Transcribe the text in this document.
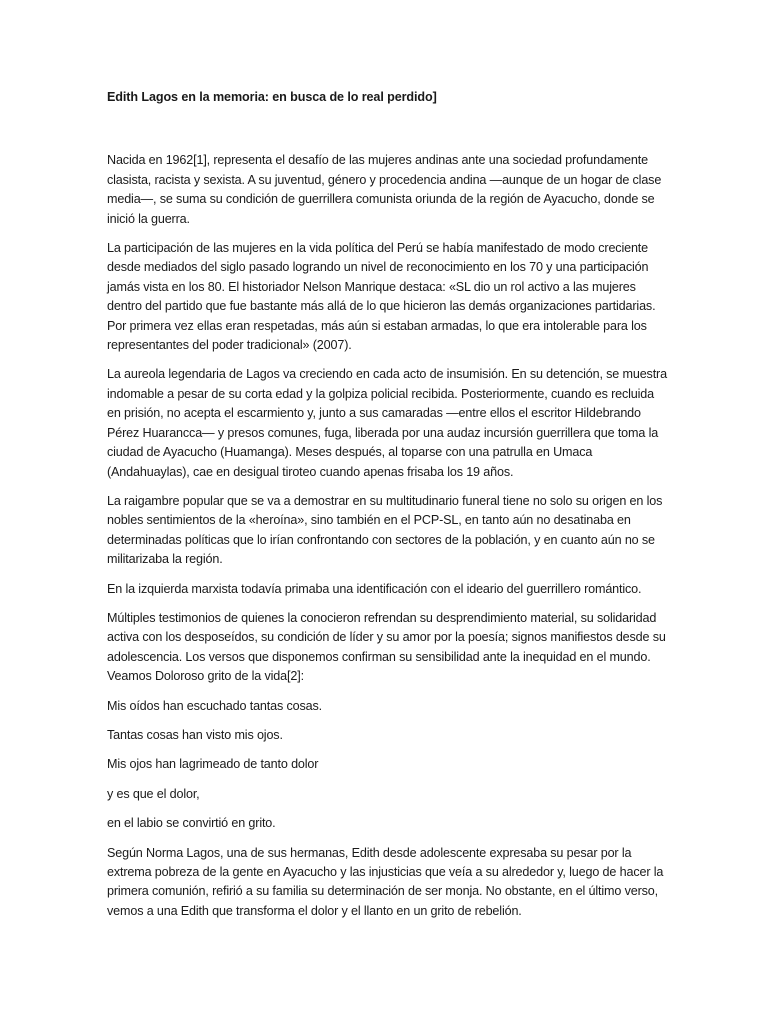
Edith Lagos en la memoria: en busca de lo real perdido]

Nacida en 1962[1], representa el desafío de las mujeres andinas ante una sociedad profundamente clasista, racista y sexista. A su juventud, género y procedencia andina —aunque de un hogar de clase media—, se suma su condición de guerrillera comunista oriunda de la región de Ayacucho, donde se inició la guerra.

La participación de las mujeres en la vida política del Perú se había manifestado de modo creciente desde mediados del siglo pasado logrando un nivel de reconocimiento en los 70 y una participación jamás vista en los 80. El historiador Nelson Manrique destaca: «SL dio un rol activo a las mujeres dentro del partido que fue bastante más allá de lo que hicieron las demás organizaciones partidarias. Por primera vez ellas eran respetadas, más aún si estaban armadas, lo que era intolerable para los representantes del poder tradicional» (2007).

La aureola legendaria de Lagos va creciendo en cada acto de insumisión. En su detención, se muestra indomable a pesar de su corta edad y la golpiza policial recibida. Posteriormente, cuando es recluida en prisión, no acepta el escarmiento y, junto a sus camaradas —entre ellos el escritor Hildebrando Pérez Huarancca— y presos comunes, fuga, liberada por una audaz incursión guerrillera que toma la ciudad de Ayacucho (Huamanga). Meses después, al toparse con una patrulla en Umaca (Andahuaylas), cae en desigual tiroteo cuando apenas frisaba los 19 años.

La raigambre popular que se va a demostrar en su multitudinario funeral tiene no solo su origen en los nobles sentimientos de la «heroína», sino también en el PCP-SL, en tanto aún no desatinaba en determinadas políticas que lo irían confrontando con sectores de la población, y en cuanto aún no se militarizaba la región.

En la izquierda marxista todavía primaba una identificación con el ideario del guerrillero romántico.

Múltiples testimonios de quienes la conocieron refrendan su desprendimiento material, su solidaridad activa con los desposeídos, su condición de líder y su amor por la poesía; signos manifiestos desde su adolescencia. Los versos que disponemos confirman su sensibilidad ante la inequidad en el mundo. Veamos Doloroso grito de la vida[2]:

Mis oídos han escuchado tantas cosas.

Tantas cosas han visto mis ojos.

Mis ojos han lagrimeado de tanto dolor

y es que el dolor,

en el labio se convirtió en grito.

Según Norma Lagos, una de sus hermanas, Edith desde adolescente expresaba su pesar por la extrema pobreza de la gente en Ayacucho y las injusticias que veía a su alrededor y, luego de hacer la primera comunión, refirió a su familia su determinación de ser monja. No obstante, en el último verso, vemos a una Edith que transforma el dolor y el llanto en un grito de rebelión.
